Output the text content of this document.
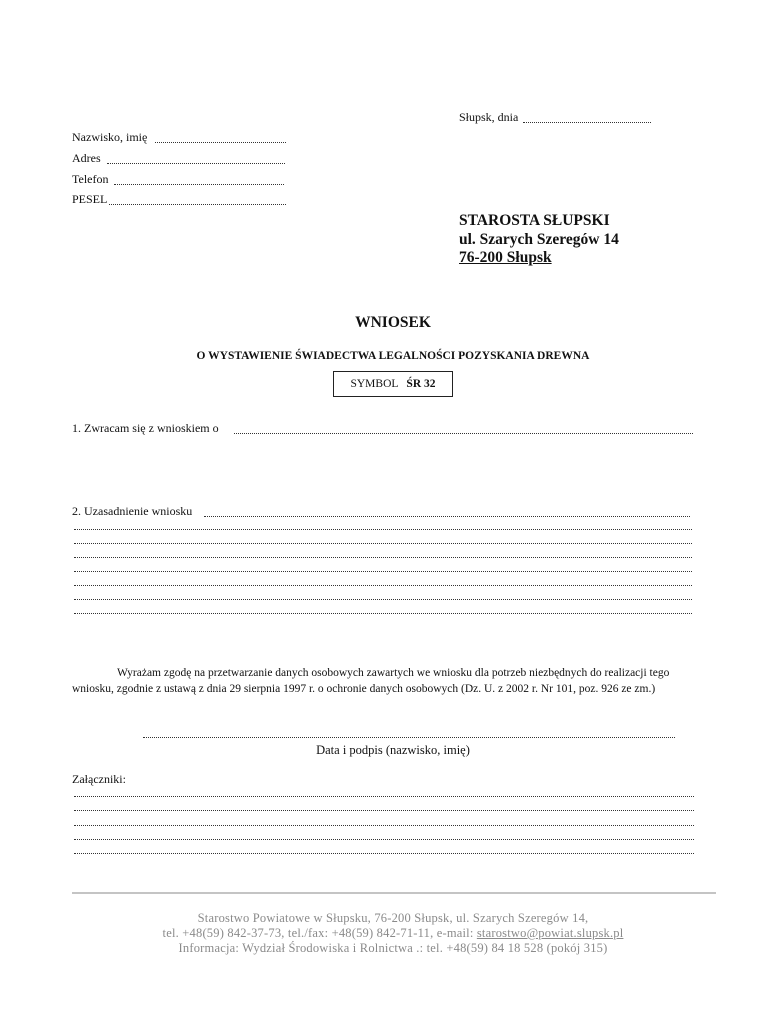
Słupsk, dnia
Nazwisko, imię
Adres
Telefon
PESEL
STAROSTA SŁUPSKI
ul. Szarych Szeregów 14
76-200 Słupsk
WNIOSEK
O WYSTAWIENIE ŚWIADECTWA LEGALNOŚCI POZYSKANIA DREWNA
SYMBOL ŚR 32
1. Zwracam się z wnioskiem o
2. Uzasadnienie wniosku
Wyrażam zgodę na przetwarzanie danych osobowych zawartych we wniosku dla potrzeb niezbędnych do realizacji tego wniosku, zgodnie z ustawą z dnia 29 sierpnia 1997 r. o ochronie danych osobowych (Dz. U. z 2002 r. Nr 101, poz. 926 ze zm.)
Data i podpis (nazwisko, imię)
Załączniki:
Starostwo Powiatowe w Słupsku, 76-200 Słupsk, ul. Szarych Szeregów 14,
tel. +48(59) 842-37-73, tel./fax: +48(59) 842-71-11, e-mail: starostwo@powiat.slupsk.pl
Informacja: Wydział Środowiska i Rolnictwa .: tel. +48(59) 84 18 528 (pokój 315)
